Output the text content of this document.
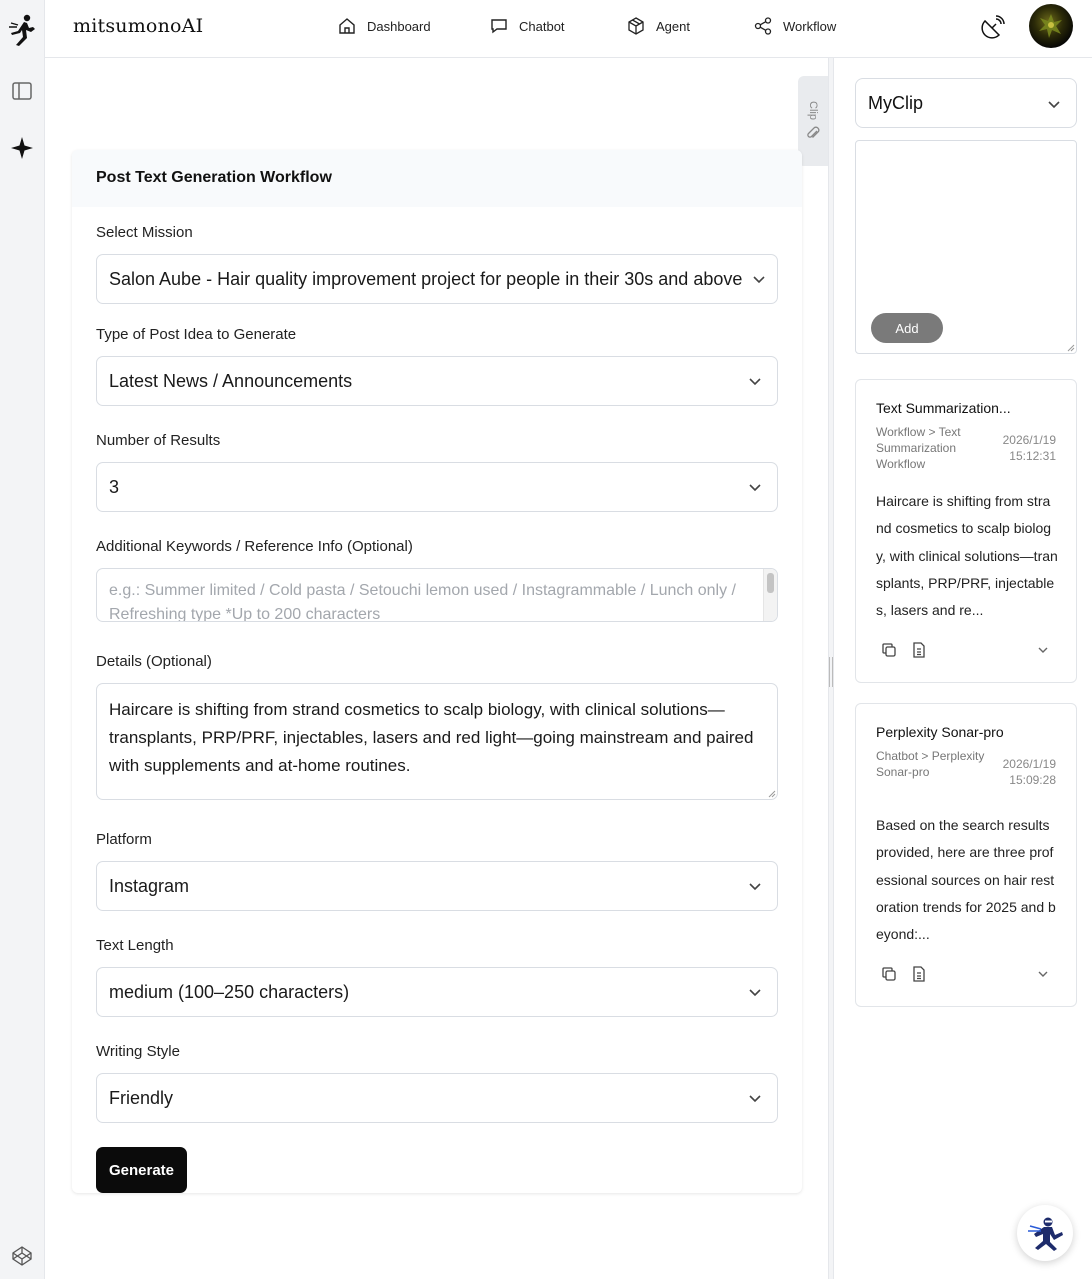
mitsumonoAI	Dashboard	Chatbot	Agent	Workflow
Clip
Post Text Generation Workflow
Select Mission
Salon Aube - Hair quality improvement project for people in their 30s and above
Type of Post Idea to Generate
Latest News / Announcements
Number of Results
3
Additional Keywords / Reference Info (Optional)
e.g.: Summer limited / Cold pasta / Setouchi lemon used / Instagrammable / Lunch only / Refreshing type *Up to 200 characters
Details (Optional)
Haircare is shifting from strand cosmetics to scalp biology, with clinical solutions—transplants, PRP/PRF, injectables, lasers and red light—going mainstream and paired with supplements and at-home routines.
Platform
Instagram
Text Length
medium (100–250 characters)
Writing Style
Friendly
Generate
MyClip
Add
Text Summarization...
Workflow > Text Summarization Workflow
2026/1/19
15:12:31
Haircare is shifting from strand cosmetics to scalp biology, with clinical solutions—transplants, PRP/PRF, injectables, lasers and re...
Perplexity Sonar-pro
Chatbot > Perplexity Sonar-pro
2026/1/19
15:09:28
Based on the search results provided, here are three professional sources on hair restoration trends for 2025 and beyond:...
